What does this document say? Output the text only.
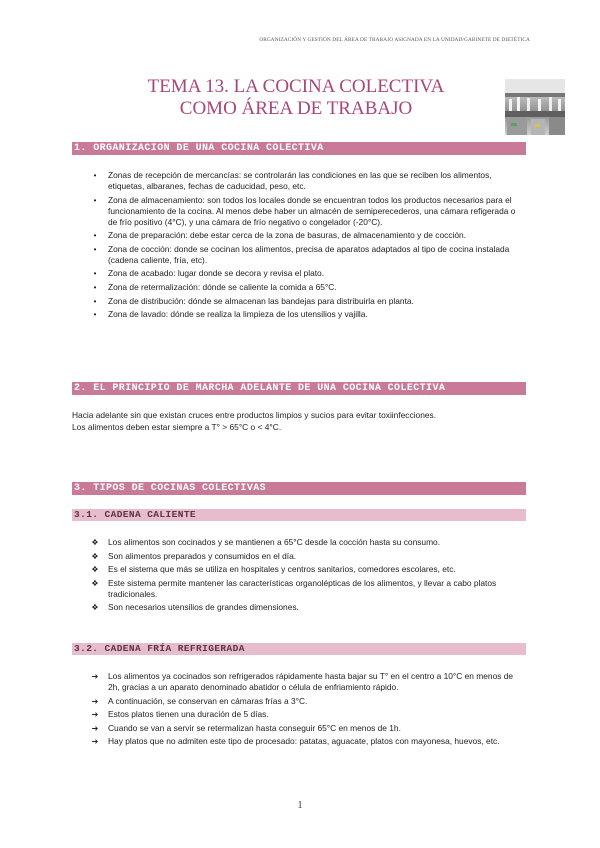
ORGANIZACIÓN Y GESTIÓN DEL ÁREA DE TRABAJO ASIGNADA EN LA UNIDAD/GABINETE DE DIETÉTICA
TEMA 13. LA COCINA COLECTIVA
COMO ÁREA DE TRABAJO
1. ORGANIZACION DE UNA COCINA COLECTIVA
•	Zonas de recepción de mercancías: se controlarán las condiciones en las que se reciben los alimentos, etiquetas, albaranes, fechas de caducidad, peso, etc.
•	Zona de almacenamiento: son todos los locales donde se encuentran todos los productos necesarios para el funcionamiento de la cocina. Al menos debe haber un almacén de semiperecederos, una cámara refigerada o de frío positivo (4°C), y una cámara de frío negativo o congelador (-20°C).
•	Zona de preparación: debe estar cerca de la zona de basuras, de almacenamiento y de cocción.
•	Zona de cocción: donde se cocinan los alimentos, precisa de aparatos adaptados al tipo de cocina instalada (cadena caliente, fría, etc).
•	Zona de acabado: lugar donde se decora y revisa el plato.
•	Zona de retermalización: dónde se caliente la comida a 65°C.
•	Zona de distribución: dónde se almacenan las bandejas para distribuirla en planta.
•	Zona de lavado: dónde se realiza la limpieza de los utensilios y vajilla.
2. EL PRINCIPIO DE MARCHA ADELANTE DE UNA COCINA COLECTIVA
Hacia adelante sin que existan cruces entre productos limpios y sucios para evitar toxiinfecciones.
Los alimentos deben estar siempre a T° > 65°C o < 4°C.
3. TIPOS DE COCINAS COLECTIVAS
3.1. CADENA CALIENTE
❖	Los alimentos son cocinados y se mantienen a 65°C desde la cocción hasta su consumo.
❖	Son alimentos preparados y consumidos en el día.
❖	Es el sistema que más se utiliza en hospitales y centros sanitarios, comedores escolares, etc.
❖	Este sistema permite mantener las características organolépticas de los alimentos, y llevar a cabo platos tradicionales.
❖	Son necesarios utensilios de grandes dimensiones.
3.2. CADENA FRÍA REFRIGERADA
➔	Los alimentos ya cocinados son refrigerados rápidamente hasta bajar su T° en el centro a 10°C en menos de 2h, gracias a un aparato denominado abatidor o célula de enfriamiento rápido.
➔	A continuación, se conservan en cámaras frías a 3°C.
➔	Estos platos tienen una duración de 5 días.
➔	Cuando se van a servir se retermalizan hasta conseguir 65°C en menos de 1h.
➔	Hay platos que no admiten este tipo de procesado: patatas, aguacate, platos con mayonesa, huevos, etc.
1
